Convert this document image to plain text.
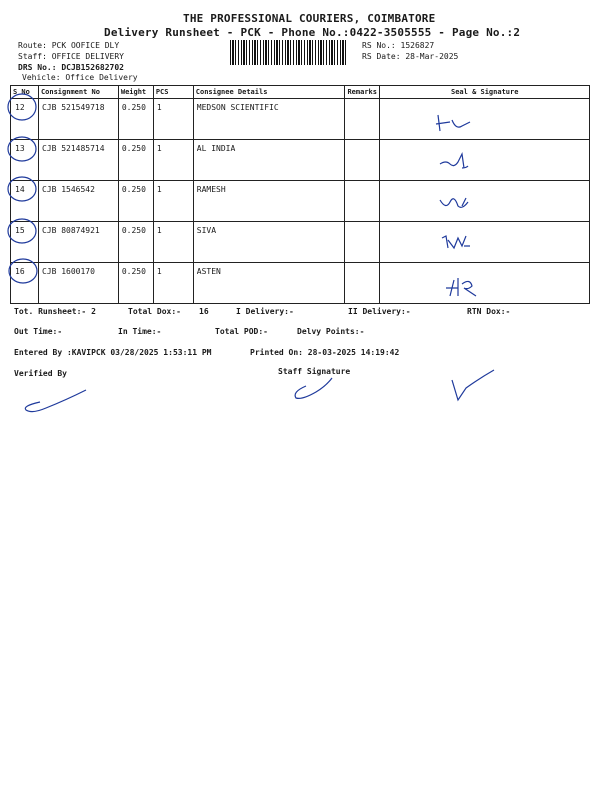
THE PROFESSIONAL COURIERS, COIMBATORE
Delivery Runsheet - PCK - Phone No.:0422-3505555 - Page No.:2
Route: PCK OOFICE DLY
Staff: OFFICE DELIVERY
DRS No.: DCJB152682702
Vehicle: Office Delivery
RS No.: 1526827
RS Date: 28-Mar-2025
S No	Consignment No	Weight	PCS	Consignee Details	Remarks	Seal & Signature
12	CJB 521549718	0.250	1	MEDSON SCIENTIFIC		
13	CJB 521485714	0.250	1	AL INDIA		
14	CJB 1546542	0.250	1	RAMESH		
15	CJB 80874921	0.250	1	SIVA		
16	CJB 1600170	0.250	1	ASTEN		
Tot. Runsheet:- 2	Total Dox:- 16	I Delivery:-	II Delivery:-	RTN Dox:-
Out Time:-	In Time:-	Total POD:-	Delvy Points:-
Entered By :KAVIPCK 03/28/2025 1:53:11 PM	Printed On: 28-03-2025 14:19:42
Verified By	Staff Signature
